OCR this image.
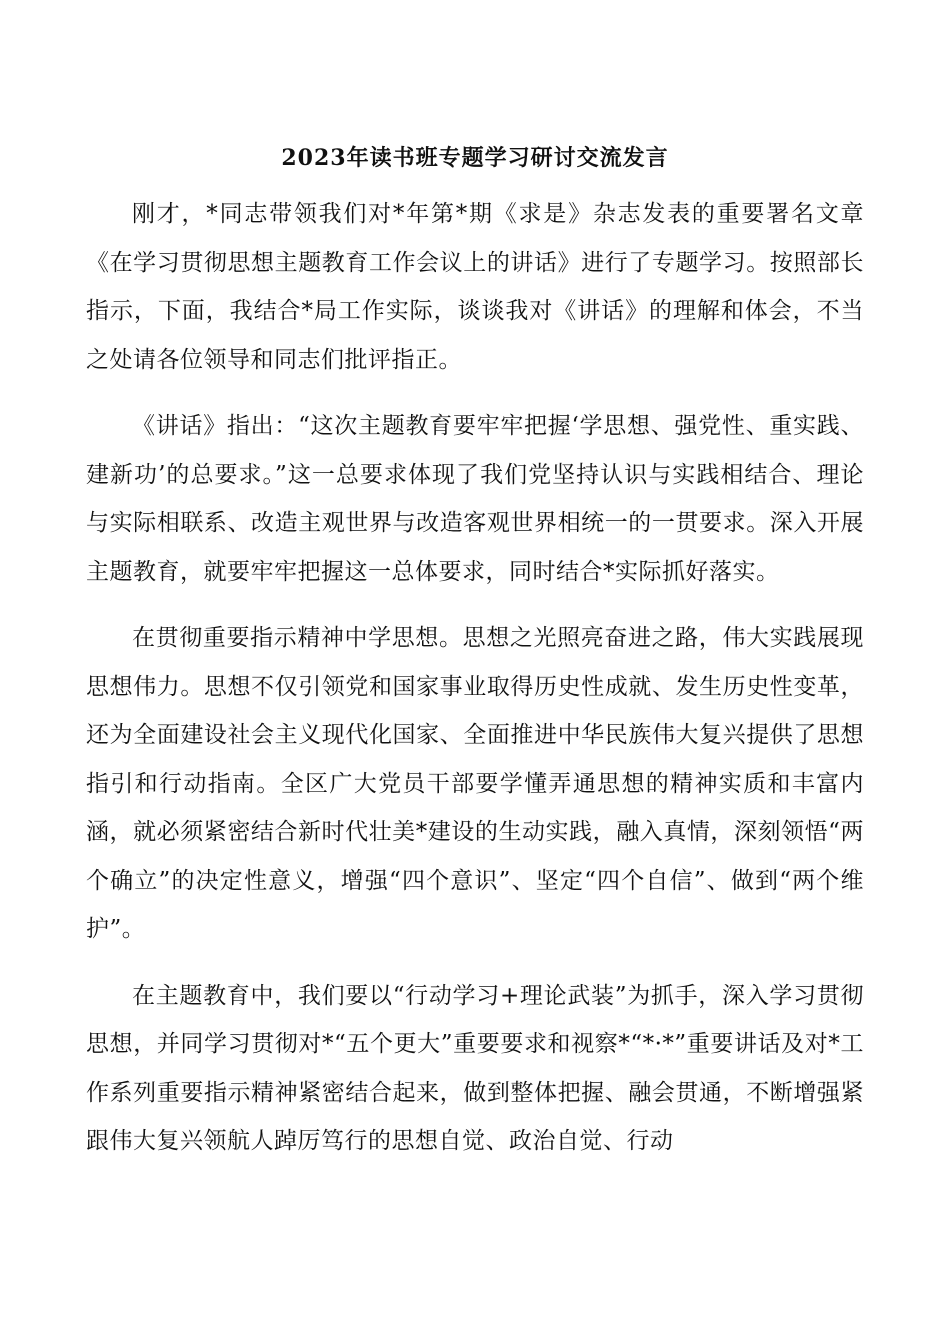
2023年读书班专题学习研讨交流发言

刚才，*同志带领我们对*年第*期《求是》杂志发表的重要署名文章《在学习贯彻思想主题教育工作会议上的讲话》进行了专题学习。按照部长指示，下面，我结合*局工作实际，谈谈我对《讲话》的理解和体会，不当之处请各位领导和同志们批评指正。

《讲话》指出：“这次主题教育要牢牢把握‘学思想、强党性、重实践、建新功’的总要求。”这一总要求体现了我们党坚持认识与实践相结合、理论与实际相联系、改造主观世界与改造客观世界相统一的一贯要求。深入开展主题教育，就要牢牢把握这一总体要求，同时结合*实际抓好落实。

在贯彻重要指示精神中学思想。思想之光照亮奋进之路，伟大实践展现思想伟力。思想不仅引领党和国家事业取得历史性成就、发生历史性变革，还为全面建设社会主义现代化国家、全面推进中华民族伟大复兴提供了思想指引和行动指南。全区广大党员干部要学懂弄通思想的精神实质和丰富内涵，就必须紧密结合新时代壮美*建设的生动实践，融入真情，深刻领悟“两个确立”的决定性意义，增强“四个意识”、坚定“四个自信”、做到“两个维护”。

在主题教育中，我们要以“行动学习+理论武装”为抓手，深入学习贯彻思想，并同学习贯彻对*“五个更大”重要要求和视察*“*·*”重要讲话及对*工作系列重要指示精神紧密结合起来，做到整体把握、融会贯通，不断增强紧跟伟大复兴领航人踔厉笃行的思想自觉、政治自觉、行动
